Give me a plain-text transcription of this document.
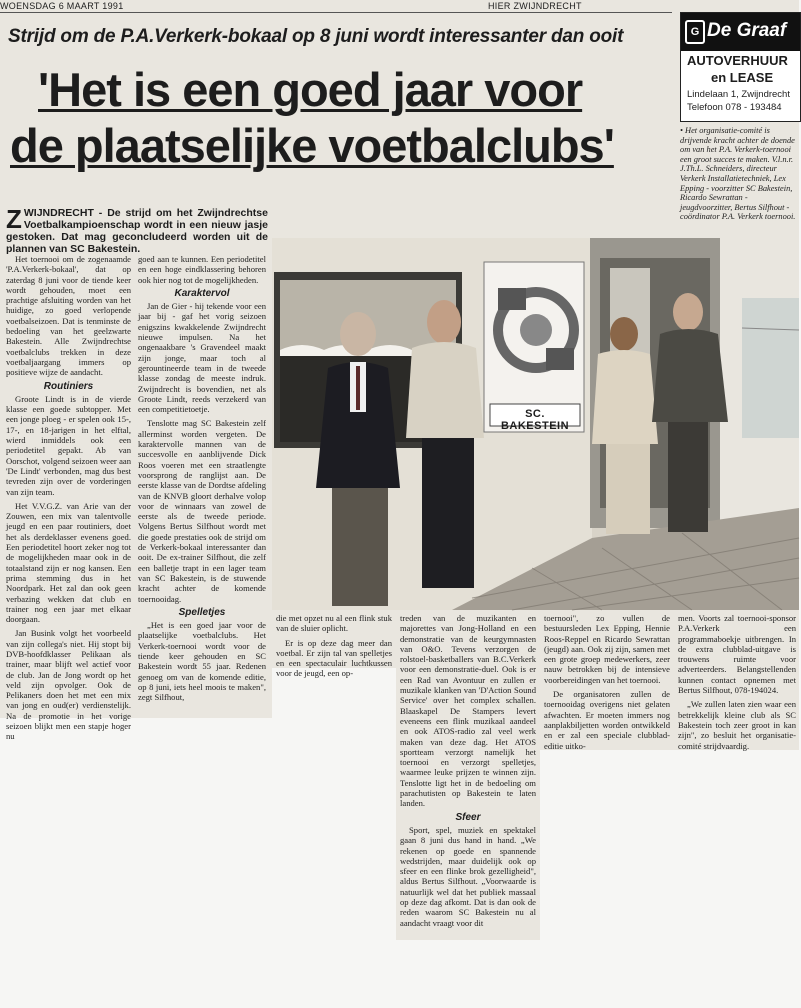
WOENSDAG 6 MAART 1991	HIER ZWIJNDRECHT
Strijd om de P.A.Verkerk-bokaal op 8 juni wordt interessanter dan ooit
'Het is een goed jaar voor
de plaatselijke voetbalclubs'
G De Graaf
AUTOVERHUUR
en LEASE
Lindelaan 1, Zwijndrecht
Telefoon 078 - 193484
• Het organisatie-comité is drijvende kracht achter de doende om van het P.A. Verkerk-toernooi een groot succes te maken. V.l.n.r. J.Th.L. Schneiders, directeur Verkerk Installatietechniek, Lex Epping - voorzitter SC Bakestein, Ricardo Sewrattan - jeugdvoorzitter, Bertus Silfhout - coördinator P.A. Verkerk toernooi.
Z WIJNDRECHT - De strijd om het Zwijndrechtse Voetbalkampioenschap wordt in een nieuw jasje gestoken. Dat mag geconcludeerd worden uit de plannen van SC Bakestein.
SC. BAKESTEIN

Het toernooi om de zogenaamde 'P.A.Verkerk-bokaal', dat op zaterdag 8 juni voor de tiende keer wordt gehouden, moet een prachtige afsluiting worden van het huidige, zo goed verlopende voetbalseizoen. Dat is tenminste de bedoeling van het geelzwarte Bakestein. Alle Zwijndrechtse voetbalclubs trekken in deze voetbaljaargang immers op positieve wijze de aandacht.

Routiniers

Groote Lindt is in de vierde klasse een goede subtopper. Met een jonge ploeg - er spelen ook 15-, 17-, en 18-jarigen in het elftal, wierd inmiddels ook een periodetitel gepakt. Ab van Oorschot, volgend seizoen weer aan 'De Lindt' verbonden, mag dus best tevreden zijn over de vorderingen van zijn team.

Het V.V.G.Z. van Arie van der Zouwen, een mix van talentvolle jeugd en een paar routiniers, doet het als derdeklasser evenens goed. Een periodetitel hoort zeker nog tot de mogelijkheden maar ook in de totaalstand zijn er nog kansen. Een prima stemming dus in het Noordpark. Het zal dan ook geen verbazing wekken dat club en trainer nog een jaar met elkaar doorgaan.

Jan Busink volgt het voorbeeld van zijn collega's niet. Hij stopt bij DVB-hoofdklasser Pelikaan als trainer, maar blijft wel actief voor de club. Jan de Jong wordt op het veld zijn opvolger. Ook de Pelikaners doen het met een mix van jong en oud(er) verdienstelijk. Na de promotie in het vorige seizoen blijkt men een stapje hoger nu

goed aan te kunnen. Een periodetitel en een hoge eindklassering behoren ook hier nog tot de mogelijkheden.

Karaktervol

Jan de Gier - hij tekende voor een jaar bij - gaf het vorig seizoen enigszins kwakkelende Zwijndrecht nieuwe impulsen. Na het ongenaakbare 's Gravendeel maakt zijn jonge, maar toch al gerountineerde team in de tweede klasse zondag de meeste indruk. Zwijndrecht is bovendien, net als Groote Lindt, reeds verzekerd van een competitietoetje.

Tenslotte mag SC Bakestein zelf allerminst worden vergeten. De karaktervolle mannen van de succesvolle en aanblijvende Dick Roos voeren met een straatlengte voorsprong de ranglijst aan. De eerste klasse van de Dordtse afdeling van de KNVB gloort derhalve volop voor de winnaars van zowel de eerste als de tweede periode. Volgens Bertus Silfhout wordt met die goede prestaties ook de strijd om de Verkerk-bokaal interessanter dan ooit. De ex-trainer Silfhout, die zelf een balletje trapt in een lager team van SC Bakestein, is de stuwende kracht achter de komende toernooidag.

Spelletjes

„Het is een goed jaar voor de plaatselijke voetbalclubs. Het Verkerk-toernooi wordt voor de tiende keer gehouden en SC Bakestein wordt 55 jaar. Redenen genoeg om van de komende editie, op 8 juni, iets heel moois te maken", zegt Silfhout,

die met opzet nu al een flink stuk van de sluier oplicht.

Er is op deze dag meer dan voetbal. Er zijn tal van spelletjes en een spectaculair luchtkussen voor de jeugd, een op-

treden van de muzikanten en majorettes van Jong-Holland en een demonstratie van de keurgymnasten van O&O. Tevens verzorgen de rolstoel-basketballers van B.C.Verkerk voor een demonstratie-duel. Ook is er een Rad van Avontuur en zullen er muzikale klanken van 'D'Action Sound Service' over het complex schallen. Blaaskapel De Stampers levert eveneens een flink muzikaal aandeel en ook ATOS-radio zal veel werk maken van deze dag. Het ATOS sportteam verzorgt namelijk het toernooi en verzorgt spelletjes, waarmee leuke prijzen te winnen zijn. Tenslotte ligt het in de bedoeling om parachutisten op Bakestein te laten landen.

Sfeer

Sport, spel, muziek en spektakel gaan 8 juni dus hand in hand. „We rekenen op goede en spannende wedstrijden, maar duidelijk ook op sfeer en een flinke brok gezelligheid", aldus Bertus Silfhout. „Voorwaarde is natuurlijk wel dat het publiek massaal op deze dag afkomt. Dat is dan ook de reden waarom SC Bakestein nu al aandacht vraagt voor dit

toernooi", zo vullen de bestuursleden Lex Epping, Hennie Roos-Reppel en Ricardo Sewrattan (jeugd) aan. Ook zij zijn, samen met een grote groep medewerkers, zeer nauw betrokken bij de intensieve voorbereidingen van het toernooi.

De organisatoren zullen de toernooidag overigens niet gelaten afwachten. Er moeten immers nog aanplakbiljetten worden ontwikkeld en er zal een speciale clubblad-editie uitko-

men. Voorts zal toernooi-sponsor P.A.Verkerk een programmaboekje uitbrengen. In de extra clubblad-uitgave is trouwens ruimte voor adverteerders. Belangstellenden kunnen contact opnemen met Bertus Silfhout, 078-194024.

„We zullen laten zien waar een betrekkelijk kleine club als SC Bakestein toch zeer groot in kan zijn", zo besluit het organisatie-comité strijdvaardig.
